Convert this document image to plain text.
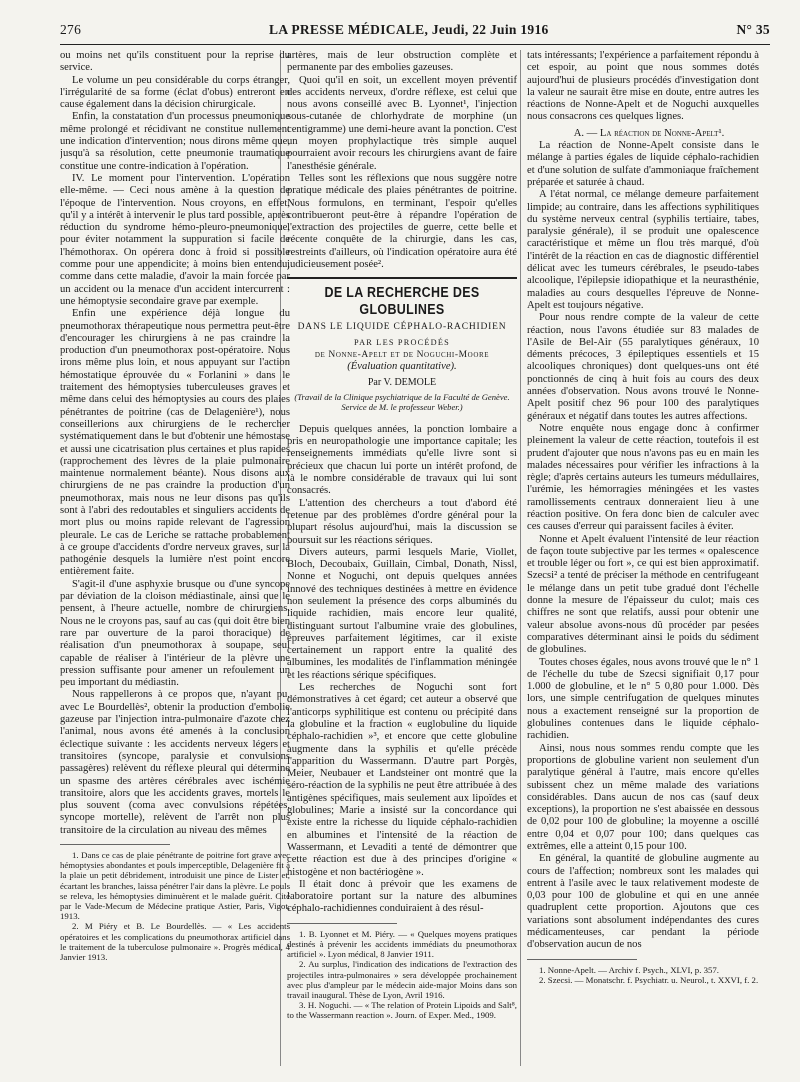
276	LA PRESSE MÉDICALE, Jeudi, 22 Juin 1916	N° 35

ou moins net qu'ils constituent pour la reprise du service.

Le volume un peu considérable du corps étranger, l'irrégularité de sa forme (éclat d'obus) entreront en cause également dans la décision chirurgicale.

Enfin, la constatation d'un processus pneumonique même prolongé et récidivant ne constitue nullement une indication d'intervention; nous dirons même que, jusqu'à sa résolution, cette pneumonie traumatique constitue une contre-indication à l'opération.

IV. Le moment pour l'intervention. L'opération elle-même. — Ceci nous amène à la question de l'époque de l'intervention. Nous croyons, en effet, qu'il y a intérêt à intervenir le plus tard possible, après réduction du syndrome hémo-pleuro-pneumonique, pour éviter notamment la suppuration si facile de l'hémothorax. On opérera donc à froid si possible comme pour une appendicite; à moins bien entendu, comme dans cette maladie, d'avoir la main forcée par un accident ou la menace d'un accident intercurrent : une hémoptysie secondaire grave par exemple.

Enfin une expérience déjà longue du pneumothorax thérapeutique nous permettra peut-être d'encourager les chirurgiens à ne pas craindre la production d'un pneumothorax post-opératoire. Nous irons même plus loin, et nous appuyant sur l'action hémostatique éprouvée du « Forlanini » dans le traitement des hémoptysies tuberculeuses graves et même dans celui des hémoptysies au cours des plaies pénétrantes de poitrine (cas de Delagenière¹), nous conseillerions aux chirurgiens de le rechercher systématiquement dans le but d'obtenir une hémostase et aussi une cicatrisation plus certaines et plus rapides (rapprochement des lèvres de la plaie pulmonaire maintenue normalement béante). Nous disons aux chirurgiens de ne pas craindre la production d'un pneumothorax, mais nous ne leur disons pas qu'ils sont à l'abri des redoutables et singuliers accidents de mort plus ou moins rapide relevant de l'agression pleurale. Le cas de Leriche se rattache probablement à ce groupe d'accidents d'ordre nerveux graves, sur la pathogénie desquels la lumière n'est point encore entièrement faite.

S'agit-il d'une asphyxie brusque ou d'une syncope par déviation de la cloison médiastinale, ainsi que le pensent, à l'heure actuelle, nombre de chirurgiens. Nous ne le croyons pas, sauf au cas (qui doit être bien rare par ouverture de la paroi thoracique) de réalisation d'un pneumothorax à soupape, seul capable de réaliser à l'intérieur de la plèvre une pression suffisante pour amener un refoulement un peu important du médiastin.

Nous rappellerons à ce propos que, n'ayant pu, avec Le Bourdellès², obtenir la production d'embolie gazeuse par l'injection intra-pulmonaire d'azote chez l'animal, nous avons été amenés à la conclusion éclectique suivante : les accidents nerveux légers et transitoires (syncope, paralysie et convulsions passagères) relèvent du réflexe pleural qui détermine un spasme des artères cérébrales avec ischémie transitoire, alors que les accidents graves, mortels le plus souvent (coma avec convulsions répétées, syncope mortelle), relèvent de l'arrêt non plus transitoire de la circulation au niveau des mêmes

1. Dans ce cas de plaie pénétrante de poitrine fort grave avec hémoptysies abondantes et pouls imperceptible, Delagenière fit à la plaie un petit débridement, introduisit une pince de Lister et, écartant les branches, laissa pénétrer l'air dans la plèvre. Le pouls se releva, les hémoptysies diminuèrent et le malade guérit. Cité par le Vade-Mecum de Médecine pratique Astier, Paris, Vigot, 1913.

2. M Piéry et B. Le Bourdellès. — « Les accidents opératoires et les complications du pneumothorax artificiel dans le traitement de la tuberculose pulmonaire ». Progrès médical, 4 Janvier 1913.

artères, mais de leur obstruction complète et permanente par des embolies gazeuses.

Quoi qu'il en soit, un excellent moyen préventif des accidents nerveux, d'ordre réflexe, est celui que nous avons conseillé avec B. Lyonnet¹, l'injection sous-cutanée de chlorhydrate de morphine (un centigramme) une demi-heure avant la ponction. C'est un moyen prophylactique très simple auquel pourraient avoir recours les chirurgiens avant de faire l'anesthésie générale.

Telles sont les réflexions que nous suggère notre pratique médicale des plaies pénétrantes de poitrine. Nous formulons, en terminant, l'espoir qu'elles contribueront peut-être à répandre l'opération de l'extraction des projectiles de guerre, cette belle et récente conquête de la chirurgie, dans les cas, restreints d'ailleurs, où l'indication opératoire aura été judicieusement posée².

DE LA RECHERCHE DES GLOBULINES
DANS LE LIQUIDE CÉPHALO-RACHIDIEN
PAR LES PROCÉDÉS
de Nonne-Apelt et de Noguchi-Moore
(Évaluation quantitative).
Par V. DEMOLE
(Travail de la Clinique psychiatrique de la Faculté de Genève. Service de M. le professeur Weber.)

Depuis quelques années, la ponction lombaire a pris en neuropathologie une importance capitale; les renseignements immédiats qu'elle livre sont si précieux que chacun lui porte un intérêt profond, de là le nombre considérable de travaux qui lui sont consacrés.

L'attention des chercheurs a tout d'abord été retenue par des problèmes d'ordre général pour la plupart résolus aujourd'hui, mais la discussion se poursuit sur les réactions sériques.

Divers auteurs, parmi lesquels Marie, Viollet, Bloch, Decoubaix, Guillain, Cimbal, Donath, Nissl, Nonne et Noguchi, ont depuis quelques années innové des techniques destinées à mettre en évidence non seulement la présence des corps albuminés du liquide rachidien, mais encore leur qualité, distinguant surtout l'albumine vraie des globulines, épreuves parfaitement légitimes, car il existe certainement un rapport entre la qualité des albumines, les modalités de l'inflammation méningée et les réactions sérique spécifiques.

Les recherches de Noguchi sont fort démonstratives à cet égard; cet auteur a observé que l'anticorps syphilitique est contenu ou précipité dans la globuline et la fraction « euglobuline du liquide céphalo-rachidien »³, et encore que cette globuline augmente dans la syphilis et qu'elle précède l'apparition du Wassermann. D'autre part Porgès, Meier, Neubauer et Landsteiner ont montré que la séro-réaction de la syphilis ne peut être attribuée à des antigènes spécifiques, mais seulement aux lipoïdes et globulines; Marie a insisté sur la concordance qui existe entre la richesse du liquide céphalo-rachidien en albumines et l'intensité de la réaction de Wassermann, et Levaditi a tenté de démontrer que cette réaction est due à des principes d'origine « histogène et non bactériogène ».

Il était donc à prévoir que les examens de laboratoire portant sur la nature des albumines céphalo-rachidiennes conduiraient à des résul-

1. B. Lyonnet et M. Piéry. — « Quelques moyens pratiques destinés à prévenir les accidents immédiats du pneumothorax artificiel ». Lyon médical, 8 Janvier 1911.

2. Au surplus, l'indication des indications de l'extraction des projectiles intra-pulmonaires » sera développée prochainement avec plus d'ampleur par le médecin aide-major Moins dans son travail inaugural. Thèse de Lyon, Avril 1916.

3. H. Noguchi. — « The relation of Protein Lipoids and Salt⁸, to the Wassermann reaction ». Journ. of Exper. Med., 1909.

tats intéressants; l'expérience a parfaitement répondu à cet espoir, au point que nous sommes dotés aujourd'hui de plusieurs procédés d'investigation dont la valeur ne saurait être mise en doute, entre autres les réactions de Nonne-Apelt et de Noguchi auxquelles nous consacrons ces quelques lignes.

A. — La réaction de Nonne-Apelt¹.

La réaction de Nonne-Apelt consiste dans le mélange à parties égales de liquide céphalo-rachidien et d'une solution de sulfate d'ammoniaque fraîchement préparée et saturée à chaud.

A l'état normal, ce mélange demeure parfaitement limpide; au contraire, dans les affections syphilitiques du système nerveux central (syphilis tertiaire, tabes, paralysie générale), il se produit une opalescence caractéristique et même un flou très marqué, d'où l'intérêt de la réaction en cas de diagnostic différentiel délicat avec les tumeurs cérébrales, le pseudo-tabes alcoolique, l'épilepsie idiopathique et la neurasthénie, maladies au cours desquelles l'épreuve de Nonne-Apelt est toujours négative.

Pour nous rendre compte de la valeur de cette réaction, nous l'avons étudiée sur 83 malades de l'Asile de Bel-Air (55 paralytiques généraux, 10 déments précoces, 3 épileptiques essentiels et 15 alcooliques chroniques) dont quelques-uns ont été ponctionnés de cinq à huit fois au cours des deux années d'observation. Nous avons trouvé le Nonne-Apelt positif chez 96 pour 100 des paralytiques généraux et négatif dans toutes les autres affections.

Notre enquête nous engage donc à confirmer pleinement la valeur de cette réaction, toutefois il est prudent d'ajouter que nous n'avons pas eu en main les malades nécessaires pour vérifier les infractions à la règle; d'après certains auteurs les tumeurs médullaires, l'urémie, les hémorragies méningées et les vastes ramollissements centraux donneraient lieu à une réaction positive. On fera donc bien de calculer avec ces causes d'erreur qui paraissent faciles à éviter.

Nonne et Apelt évaluent l'intensité de leur réaction de façon toute subjective par les termes « opalescence et trouble léger ou fort », ce qui est bien approximatif. Szecsi² a tenté de préciser la méthode en centrifugeant le mélange dans un petit tube gradué dont l'échelle donne la mesure de l'épaisseur du culot; mais ces chiffres ne sont que relatifs, aussi pour obtenir une valeur absolue avons-nous dû procéder par pesées comparatives déterminant ainsi le poids du sédiment de globulines.

Toutes choses égales, nous avons trouvé que le n° 1 de l'échelle du tube de Szecsi signifiait 0,17 pour 1.000 de globuline, et le n° 5 0,80 pour 1.000. Dès lors, une simple centrifugation de quelques minutes nous a exactement renseigné sur la proportion de globulines contenues dans le liquide céphalo-rachidien.

Ainsi, nous nous sommes rendu compte que les proportions de globuline varient non seulement d'un paralytique général à l'autre, mais encore qu'elles subissent chez un même malade des variations considérables. Dans aucun de nos cas (sauf deux exceptions), la proportion ne s'est abaissée en dessous de 0,02 pour 100 de globuline; la moyenne a oscillé entre 0,04 et 0,07 pour 100; dans quelques cas extrêmes, elle a atteint 0,15 pour 100.

En général, la quantité de globuline augmente au cours de l'affection; nombreux sont les malades qui entrent à l'asile avec le taux relativement modeste de 0,03 pour 100 de globuline et qui en une année quadruplent cette proportion. Ajoutons que ces variations sont absolument indépendantes des cures médicamenteuses, car pendant la période d'observation aucun de nos

1. Nonne-Apelt. — Archiv f. Psych., XLVI, p. 357.

2. Szecsi. — Monatschr. f. Psychiatr. u. Neurol., t. XXVI, f. 2.
